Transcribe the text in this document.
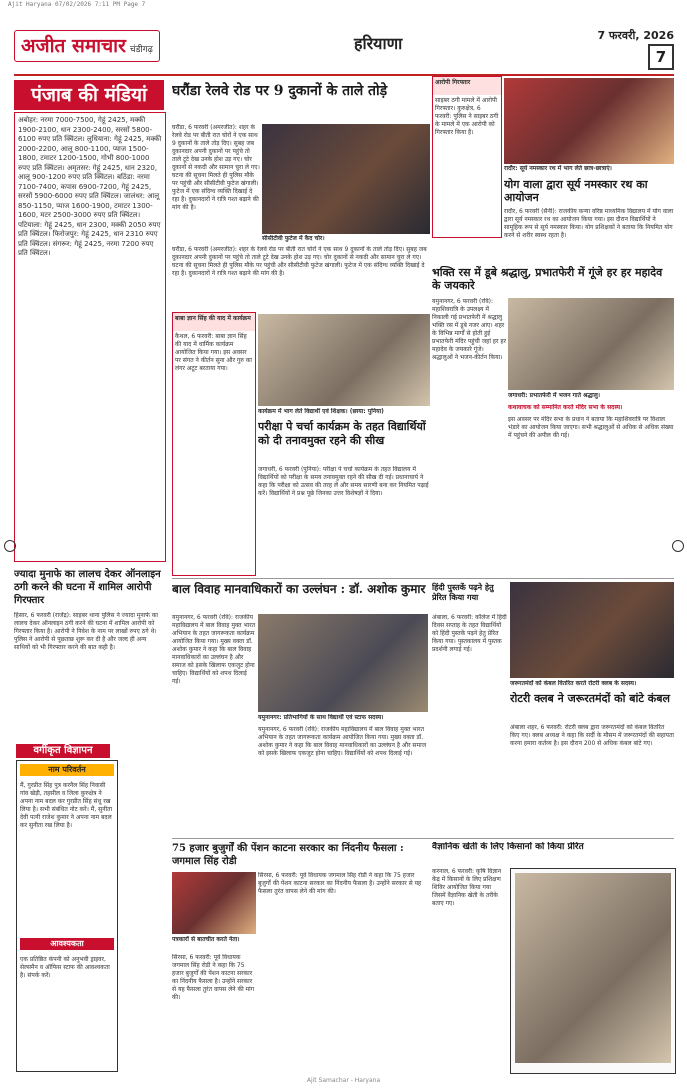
Ajit Haryana 07/02/2026 7:11 PM Page 7
अजीत समाचार चंडीगढ़	हरियाणा	7 फरवरी, 2026
7
पंजाब की मंडियां
अबोहर: नरमा 7000-7500, गेहूं 2425, मक्की 1900-2100, धान 2300-2400, सरसों 5800-6100 रुपए प्रति क्विंटल। लुधियाना: गेहूं 2425, मक्की 2000-2200, आलू 800-1100, प्याज 1500-1800, टमाटर 1200-1500, गोभी 800-1000 रुपए प्रति क्विंटल। अमृतसर: गेहूं 2425, धान 2320, आलू 900-1200 रुपए प्रति क्विंटल। बठिंडा: नरमा 7100-7400, कपास 6900-7200, गेहूं 2425, सरसों 5900-6000 रुपए प्रति क्विंटल। जालंधर: आलू 850-1150, प्याज 1600-1900, टमाटर 1300-1600, मटर 2500-3000 रुपए प्रति क्विंटल। पटियाला: गेहूं 2425, धान 2300, मक्की 2050 रुपए प्रति क्विंटल। फिरोजपुर: गेहूं 2425, धान 2310 रुपए प्रति क्विंटल। संगरूर: गेहूं 2425, नरमा 7200 रुपए प्रति क्विंटल।
ज्यादा मुनाफे का लालच देकर ऑनलाइन ठगी करने की घटना में शामिल आरोपी गिरफ्तार
हिसार, 6 फरवरी (राजेंद्र): साइबर थाना पुलिस ने ज्यादा मुनाफे का लालच देकर ऑनलाइन ठगी करने की घटना में शामिल आरोपी को गिरफ्तार किया है। आरोपी ने निवेश के नाम पर लाखों रुपए ठगे थे। पुलिस ने आरोपी से पूछताछ शुरू कर दी है और जल्द ही अन्य साथियों को भी गिरफ्तार करने की बात कही है।
वर्गीकृत विज्ञापन
नाम परिवर्तन
मैं, गुरप्रीत सिंह पुत्र करनैल सिंह निवासी गांव खेड़ी, तहसील व जिला कुरुक्षेत्र ने अपना नाम बदल कर गुरप्रीत सिंह संधू रख लिया है। सभी संबंधित नोट करें। मैं, सुनीता देवी पत्नी राजेश कुमार ने अपना नाम बदल कर सुनीता रख लिया है।
आवश्यकता
एक प्रतिष्ठित कंपनी को अनुभवी ड्राइवर, सेल्समैन व ऑफिस स्टाफ की आवश्यकता है। संपर्क करें।
घरौंडा रेलवे रोड पर 9 दुकानों के ताले तोड़े
घरौंडा, 6 फरवरी (अमरजीत): शहर के रेलवे रोड पर बीती रात चोरों ने एक साथ 9 दुकानों के ताले तोड़ दिए। सुबह जब दुकानदार अपनी दुकानों पर पहुंचे तो ताले टूटे देख उनके होश उड़ गए। चोर दुकानों से नकदी और सामान चुरा ले गए। घटना की सूचना मिलते ही पुलिस मौके पर पहुंची और सीसीटीवी फुटेज खंगाली। फुटेज में एक संदिग्ध व्यक्ति दिखाई दे रहा है। दुकानदारों ने रात्रि गश्त बढ़ाने की मांग की है।
सीसीटीवी फुटेज में कैद चोर।
घरौंडा, 6 फरवरी (अमरजीत): शहर के रेलवे रोड पर बीती रात चोरों ने एक साथ 9 दुकानों के ताले तोड़ दिए। सुबह जब दुकानदार अपनी दुकानों पर पहुंचे तो ताले टूटे देख उनके होश उड़ गए। चोर दुकानों से नकदी और सामान चुरा ले गए। घटना की सूचना मिलते ही पुलिस मौके पर पहुंची और सीसीटीवी फुटेज खंगाली। फुटेज में एक संदिग्ध व्यक्ति दिखाई दे रहा है। दुकानदारों ने रात्रि गश्त बढ़ाने की मांग की है।
आरोपी गिरफ्तार
साइबर ठगी मामले में आरोपी गिरफ्तार। कुरुक्षेत्र, 6 फरवरी: पुलिस ने साइबर ठगी के मामले में एक आरोपी को गिरफ्तार किया है।
रादौर: सूर्य नमस्कार रथ में भाग लेते छात्र-छात्राएं।
योग वाला द्वारा सूर्य नमस्कार रथ का आयोजन
रादौर, 6 फरवरी (सैनी): राजकीय कन्या वरिष्ठ माध्यमिक विद्यालय में योग वाला द्वारा सूर्य नमस्कार रथ का आयोजन किया गया। इस दौरान विद्यार्थियों ने सामूहिक रूप से सूर्य नमस्कार किया। योग प्रशिक्षकों ने बताया कि नियमित योग करने से शरीर स्वस्थ रहता है।
बाबा ज्ञान सिंह की याद में कार्यक्रम
कैथल, 6 फरवरी: बाबा ज्ञान सिंह की याद में धार्मिक कार्यक्रम आयोजित किया गया। इस अवसर पर संगत ने कीर्तन सुना और गुरु का लंगर अटूट बरताया गया।
कार्यक्रम में भाग लेते विद्यार्थी एवं शिक्षक। (छाया: पुनिया)
परीक्षा पे चर्चा कार्यक्रम के तहत विद्यार्थियों को दी तनावमुक्त रहने की सीख
जगाधरी, 6 फरवरी (पुनिया): परीक्षा पे चर्चा कार्यक्रम के तहत विद्यालय में विद्यार्थियों को परीक्षा के समय तनावमुक्त रहने की सीख दी गई। प्रधानाचार्य ने कहा कि परीक्षा को उत्सव की तरह लें और समय सारणी बना कर नियमित पढ़ाई करें। विद्यार्थियों ने प्रश्न पूछे जिनका उत्तर विशेषज्ञों ने दिया।
भक्ति रस में डूबे श्रद्धालु, प्रभातफेरी में गूंजे हर हर महादेव के जयकारे
यमुनानगर, 6 फरवरी (रवि): महाशिवरात्रि के उपलक्ष्य में निकाली गई प्रभातफेरी में श्रद्धालु भक्ति रस में डूबे नजर आए। शहर के विभिन्न मार्गों से होती हुई प्रभातफेरी मंदिर पहुंची जहां हर हर महादेव के जयकारे गूंजे। श्रद्धालुओं ने भजन-कीर्तन किया।
जगाधरी: प्रभातफेरी में भजन गाते श्रद्धालु।
कथावाचक को सम्मानित करते मंदिर सभा के सदस्य।
इस अवसर पर मंदिर सभा के प्रधान ने बताया कि महाशिवरात्रि पर विशाल भंडारे का आयोजन किया जाएगा। सभी श्रद्धालुओं से अधिक से अधिक संख्या में पहुंचने की अपील की गई।
बाल विवाह मानवाधिकारों का उल्लंघन : डॉ. अशोक कुमार
यमुनानगर, 6 फरवरी (रवि): राजकीय महाविद्यालय में बाल विवाह मुक्त भारत अभियान के तहत जागरूकता कार्यक्रम आयोजित किया गया। मुख्य वक्ता डॉ. अशोक कुमार ने कहा कि बाल विवाह मानवाधिकारों का उल्लंघन है और समाज को इसके खिलाफ एकजुट होना चाहिए। विद्यार्थियों को शपथ दिलाई गई।
यमुनानगर: प्रतिभागियों के साथ विद्यार्थी एवं स्टाफ सदस्य।
यमुनानगर, 6 फरवरी (रवि): राजकीय महाविद्यालय में बाल विवाह मुक्त भारत अभियान के तहत जागरूकता कार्यक्रम आयोजित किया गया। मुख्य वक्ता डॉ. अशोक कुमार ने कहा कि बाल विवाह मानवाधिकारों का उल्लंघन है और समाज को इसके खिलाफ एकजुट होना चाहिए। विद्यार्थियों को शपथ दिलाई गई।
हिंदी पुस्तकें पढ़ने हेतु प्रेरित किया गया
अंबाला, 6 फरवरी: कॉलेज में हिंदी दिवस सप्ताह के तहत विद्यार्थियों को हिंदी पुस्तकें पढ़ने हेतु प्रेरित किया गया। पुस्तकालय में पुस्तक प्रदर्शनी लगाई गई।
जरूरतमंदों को कंबल वितरित करते रोटरी क्लब के सदस्य।
रोटरी क्लब ने जरूरतमंदों को बांटे कंबल
अंबाला शहर, 6 फरवरी: रोटरी क्लब द्वारा जरूरतमंदों को कंबल वितरित किए गए। क्लब अध्यक्ष ने कहा कि सर्दी के मौसम में जरूरतमंदों की सहायता करना हमारा कर्तव्य है। इस दौरान 200 से अधिक कंबल बांटे गए।
75 हजार बुजुर्गों की पेंशन काटना सरकार का निंदनीय फैसला : जगमाल सिंह रोडी
पत्रकारों से बातचीत करते नेता।
सिरसा, 6 फरवरी: पूर्व विधायक जगमाल सिंह रोडी ने कहा कि 75 हजार बुजुर्गों की पेंशन काटना सरकार का निंदनीय फैसला है। उन्होंने सरकार से यह फैसला तुरंत वापस लेने की मांग की।
सिरसा, 6 फरवरी: पूर्व विधायक जगमाल सिंह रोडी ने कहा कि 75 हजार बुजुर्गों की पेंशन काटना सरकार का निंदनीय फैसला है। उन्होंने सरकार से यह फैसला तुरंत वापस लेने की मांग की।
वैज्ञानिक खेती के लिए किसानों को किया प्रेरित
करनाल, 6 फरवरी: कृषि विज्ञान केंद्र में किसानों के लिए प्रशिक्षण शिविर आयोजित किया गया जिसमें वैज्ञानिक खेती के तरीके बताए गए।
Ajit Samachar - Haryana
